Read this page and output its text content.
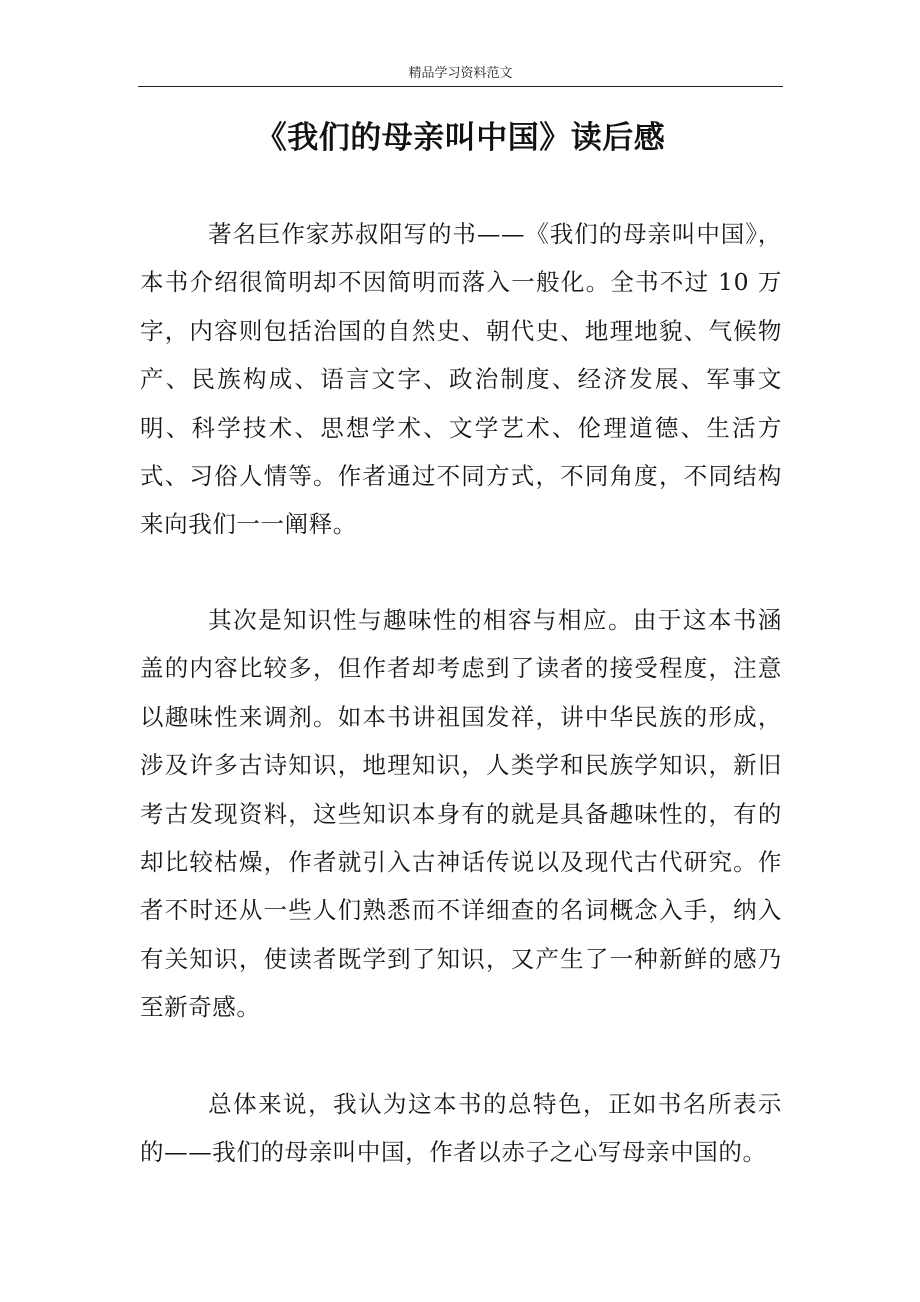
精品学习资料范文
《我们的母亲叫中国》读后感

著名巨作家苏叔阳写的书——《我们的母亲叫中国》，本书介绍很简明却不因简明而落入一般化。全书不过 10 万字，内容则包括治国的自然史、朝代史、地理地貌、气候物产、民族构成、语言文字、政治制度、经济发展、军事文明、科学技术、思想学术、文学艺术、伦理道德、生活方式、习俗人情等。作者通过不同方式，不同角度，不同结构来向我们一一阐释。

其次是知识性与趣味性的相容与相应。由于这本书涵盖的内容比较多，但作者却考虑到了读者的接受程度，注意以趣味性来调剂。如本书讲祖国发祥，讲中华民族的形成，涉及许多古诗知识，地理知识，人类学和民族学知识，新旧考古发现资料，这些知识本身有的就是具备趣味性的，有的却比较枯燥，作者就引入古神话传说以及现代古代研究。作者不时还从一些人们熟悉而不详细查的名词概念入手，纳入有关知识，使读者既学到了知识，又产生了一种新鲜的感乃至新奇感。

总体来说，我认为这本书的总特色，正如书名所表示的——我们的母亲叫中国，作者以赤子之心写母亲中国的。
